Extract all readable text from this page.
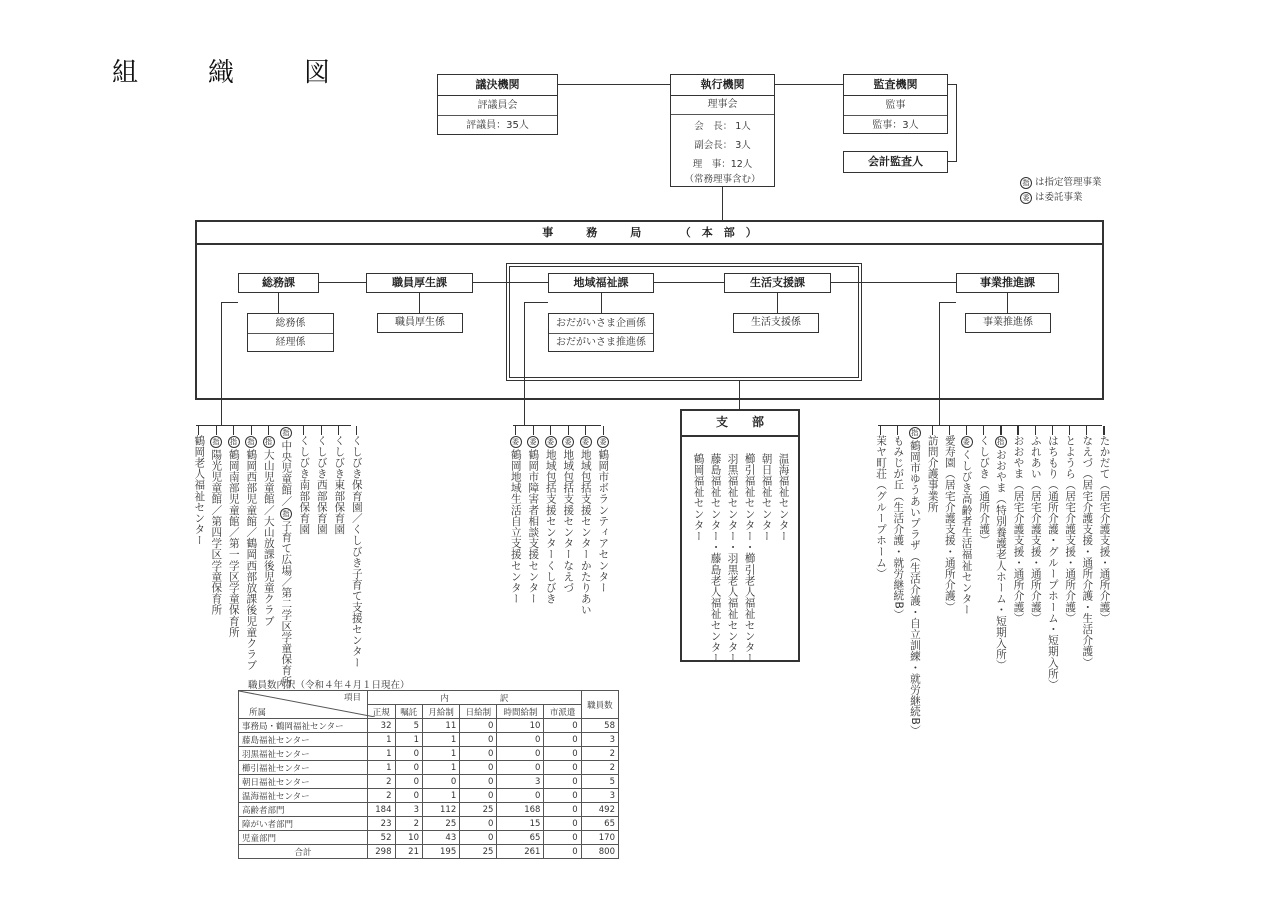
組　織　図	議決機関
評議員会
評議員：35人
執行機関
理事会
会　長： 1人
副会長： 3人
理　事：12人
（常務理事含む）
監査機関
監事
監事：3人
会計監査人
指 は指定管理事業
委 は委託事業
事　　　務　　　局　　　　（　本　部　）
総務課	職員厚生課	地域福祉課	生活支援課	事業推進課
総務係
経理係
職員厚生係	おだがいさま企画係
おだがいさま推進係
生活支援係	事業推進係
支　　部
温海福祉センター
朝日福祉センター
櫛引福祉センター・櫛引老人福祉センター
羽黒福祉センター・羽黒老人福祉センター
藤島福祉センター・藤島老人福祉センター
鶴岡福祉センター
くしびき保育園／くしびき子育て支援センター
くしびき東部保育園
くしびき西部保育園
くしびき南部保育園
指中央児童館／指子育て広場／第二学区学童保育所
指大山児童館／大山放課後児童クラブ
指鶴岡西部児童館／鶴岡西部放課後児童クラブ
指鶴岡南部児童館／第一学区学童保育所
指陽光児童館／第四学区学童保育所
鶴岡老人福祉センター	委鶴岡市ボランティアセンター
委地域包括支援センターかたりあい
委地域包括支援センターなえづ
委地域包括支援センターくしびき
委鶴岡市障害者相談支援センター
委鶴岡地域生活自立支援センター	たかだて（居宅介護支援・通所介護）
なえづ（居宅介護支援・通所介護・生活介護）
とようら（居宅介護支援・通所介護）
はちもり（通所介護・グループホーム・短期入所）
ふれあい（居宅介護支援・通所介護）
おおやま（居宅介護支援・通所介護）
指おおやま（特別養護老人ホーム・短期入所）
くしびき（通所介護）
委くしびき高齢者生活福祉センター
愛寿園（居宅介護支援・通所介護）
訪問介護事業所
指鶴岡市ゆうあいプラザ（生活介護・自立訓練・就労継続B）
もみじが丘（生活介護・就労継続B）
茉ヤ町荘（グループホーム）
職員数内訳（令和４年４月１日現在）
項目
所属	内　　　　　　訳						職員数
	正規	嘱託	月給制	日給制	時間給制	市派遣	
事務局・鶴岡福祉センター	32	5	11	0	10	0	58
藤島福祉センター	1	1	1	0	0	0	3
羽黒福祉センター	1	0	1	0	0	0	2
櫛引福祉センター	1	0	1	0	0	0	2
朝日福祉センター	2	0	0	0	3	0	5
温海福祉センター	2	0	1	0	0	0	3
高齢者部門	184	3	112	25	168	0	492
障がい者部門	23	2	25	0	15	0	65
児童部門	52	10	43	0	65	0	170
合計	298	21	195	25	261	0	800
